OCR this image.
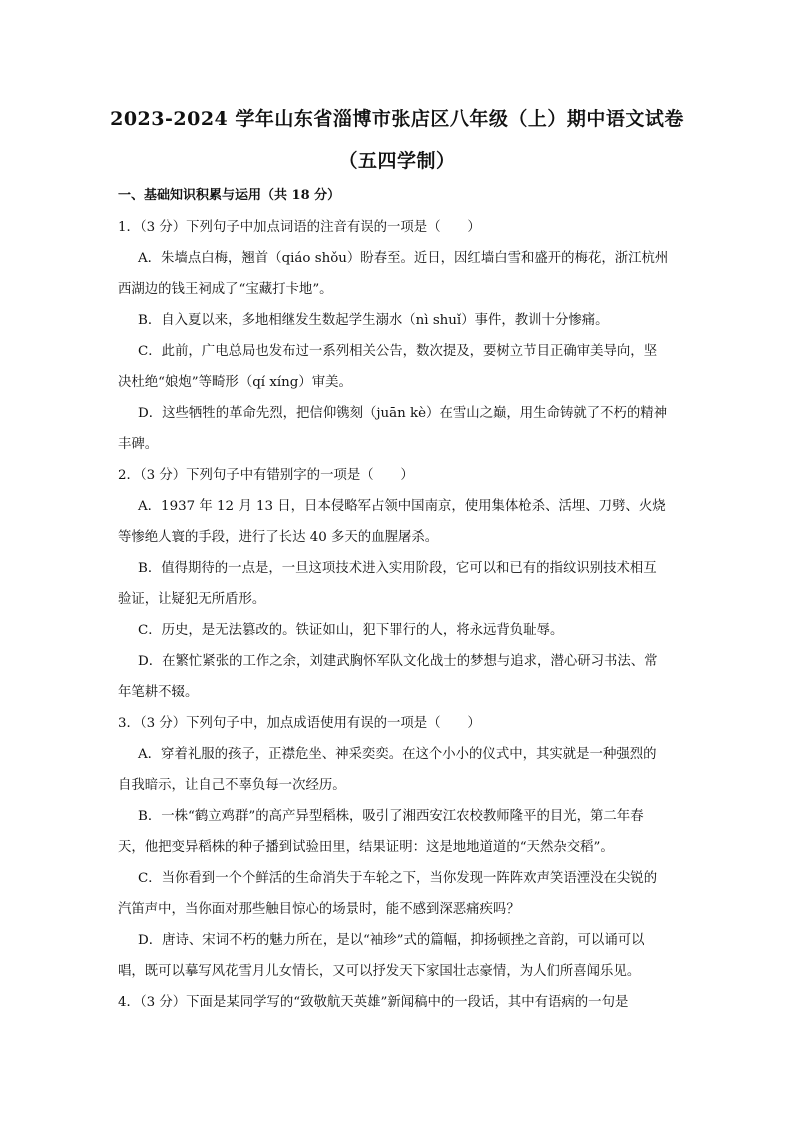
2023-2024 学年山东省淄博市张店区八年级（上）期中语文试卷
（五四学制）
一、基础知识积累与运用（共 18 分）
1．（3 分）下列句子中加点词语的注音有误的一项是（　　）
A．朱墙点白梅，翘首（qiáo shǒu）盼春至。近日，因红墙白雪和盛开的梅花，浙江杭州
西湖边的钱王祠成了“宝藏打卡地”。
B．自入夏以来，多地相继发生数起学生溺水（nì shuǐ）事件，教训十分惨痛。
C．此前，广电总局也发布过一系列相关公告，数次提及，要树立节目正确审美导向，坚
决杜绝“娘炮”等畸形（qí xíng）审美。
D．这些牺牲的革命先烈，把信仰镌刻（juān kè）在雪山之巅，用生命铸就了不朽的精神
丰碑。
2．（3 分）下列句子中有错别字的一项是（　　）
A．1937 年 12 月 13 日，日本侵略军占领中国南京，使用集体枪杀、活埋、刀劈、火烧
等惨绝人寰的手段，进行了长达 40 多天的血腥屠杀。
B．值得期待的一点是，一旦这项技术进入实用阶段，它可以和已有的指纹识别技术相互
验证，让疑犯无所盾形。
C．历史，是无法篡改的。铁证如山，犯下罪行的人，将永远背负耻辱。
D．在繁忙紧张的工作之余，刘建武胸怀军队文化战士的梦想与追求，潜心研习书法、常
年笔耕不辍。
3．（3 分）下列句子中，加点成语使用有误的一项是（　　）
A．穿着礼服的孩子，正襟危坐、神采奕奕。在这个小小的仪式中，其实就是一种强烈的
自我暗示，让自己不辜负每一次经历。
B．一株“鹤立鸡群”的高产异型稻株，吸引了湘西安江农校教师隆平的目光，第二年春
天，他把变异稻株的种子播到试验田里，结果证明：这是地地道道的“天然杂交稻”。
C．当你看到一个个鲜活的生命消失于车轮之下，当你发现一阵阵欢声笑语湮没在尖锐的
汽笛声中，当你面对那些触目惊心的场景时，能不感到深恶痛疾吗？
D．唐诗、宋词不朽的魅力所在，是以“袖珍”式的篇幅，抑扬顿挫之音韵，可以诵可以
唱，既可以摹写风花雪月儿女情长，又可以抒发天下家国壮志豪情，为人们所喜闻乐见。
4．（3 分）下面是某同学写的“致敬航天英雄”新闻稿中的一段话，其中有语病的一句是
